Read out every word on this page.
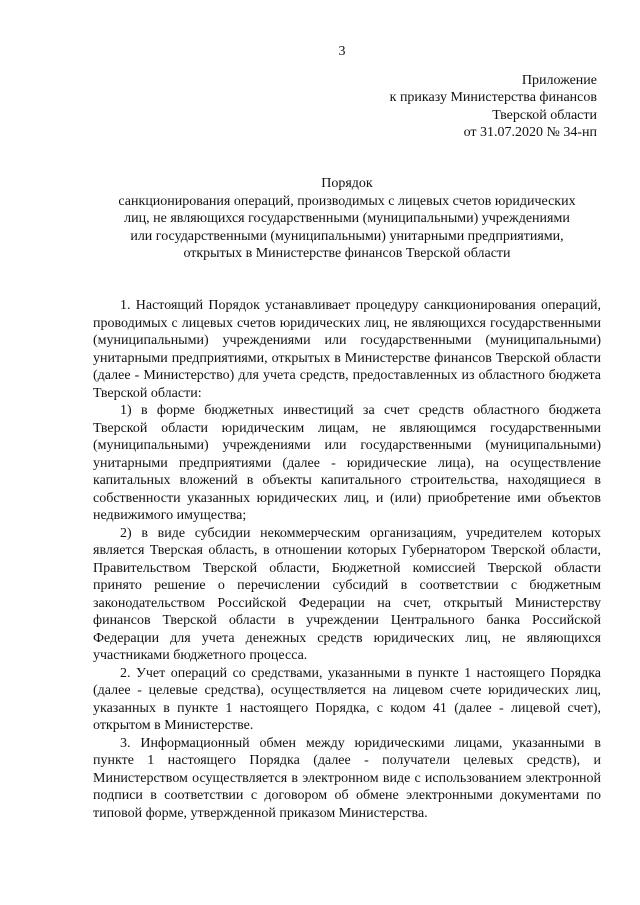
3
Приложение
к приказу Министерства финансов
Тверской области
от 31.07.2020 № 34-нп
Порядок
санкционирования операций, производимых с лицевых счетов юридических
лиц, не являющихся государственными (муниципальными) учреждениями
или государственными (муниципальными) унитарными предприятиями,
открытых в Министерстве финансов Тверской области

1. Настоящий Порядок устанавливает процедуру санкционирования операций, проводимых с лицевых счетов юридических лиц, не являющихся государственными (муниципальными) учреждениями или государственными (муниципальными) унитарными предприятиями, открытых в Министерстве финансов Тверской области (далее - Министерство) для учета средств, предоставленных из областного бюджета Тверской области:

1) в форме бюджетных инвестиций за счет средств областного бюджета Тверской области юридическим лицам, не являющимся государственными (муниципальными) учреждениями или государственными (муниципальными) унитарными предприятиями (далее - юридические лица), на осуществление капитальных вложений в объекты капитального строительства, находящиеся в собственности указанных юридических лиц, и (или) приобретение ими объектов недвижимого имущества;

2) в виде субсидии некоммерческим организациям, учредителем которых является Тверская область, в отношении которых Губернатором Тверской области, Правительством Тверской области, Бюджетной комиссией Тверской области принято решение о перечислении субсидий в соответствии с бюджетным законодательством Российской Федерации на счет, открытый Министерству финансов Тверской области в учреждении Центрального банка Российской Федерации для учета денежных средств юридических лиц, не являющихся участниками бюджетного процесса.

2. Учет операций со средствами, указанными в пункте 1 настоящего Порядка (далее - целевые средства), осуществляется на лицевом счете юридических лиц, указанных в пункте 1 настоящего Порядка, с кодом 41 (далее - лицевой счет), открытом в Министерстве.

3. Информационный обмен между юридическими лицами, указанными в пункте 1 настоящего Порядка (далее - получатели целевых средств), и Министерством осуществляется в электронном виде с использованием электронной подписи в соответствии с договором об обмене электронными документами по типовой форме, утвержденной приказом Министерства.
